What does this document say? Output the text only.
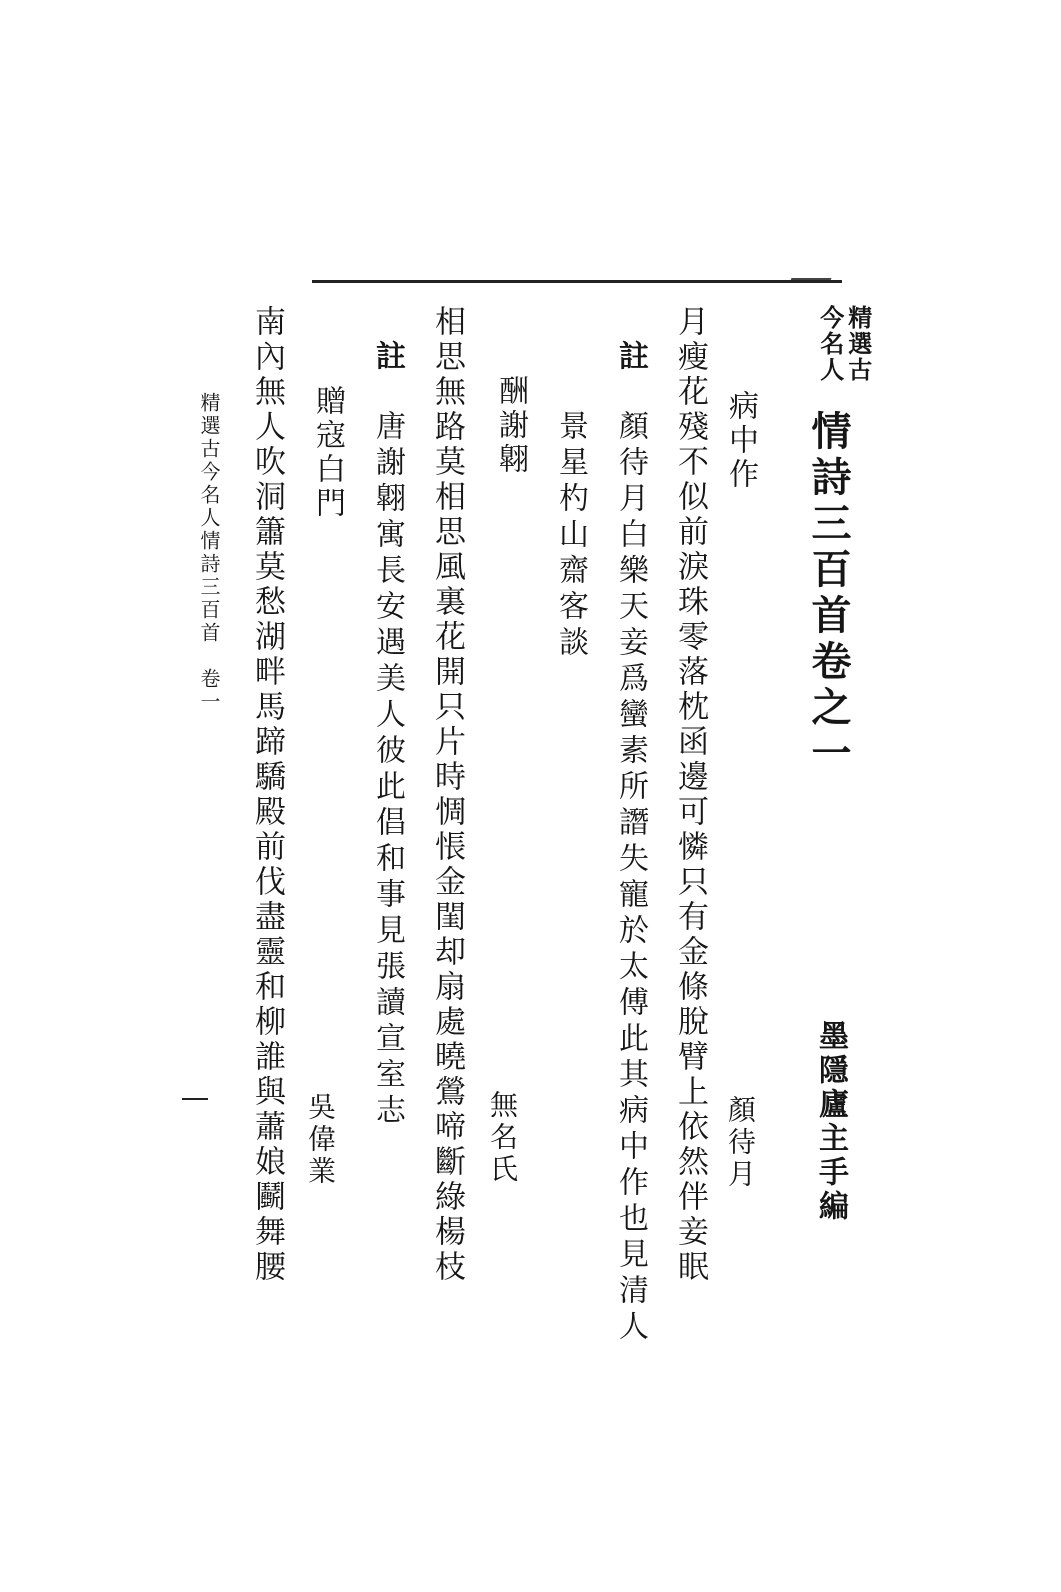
精選古
今名人
情詩三百首卷之一
墨隱廬主手編
病中作
顏待月
月瘦花殘不似前淚珠零落枕函邊可憐只有金條脫臂上依然伴妾眠
註
顏待月白樂天妾爲蠻素所譖失寵於太傅此其病中作也見清人
景星杓山齋客談
酬謝翺
無名氏
相思無路莫相思風裏花開只片時惆悵金閨却扇處曉鶯啼斷綠楊枝
註
唐謝翺寓長安遇美人彼此倡和事見張讀宣室志
贈寇白門
吳偉業
南內無人吹洞簫莫愁湖畔馬蹄驕殿前伐盡靈和柳誰與蕭娘鬬舞腰
精選古今名人情詩三百首　卷一
